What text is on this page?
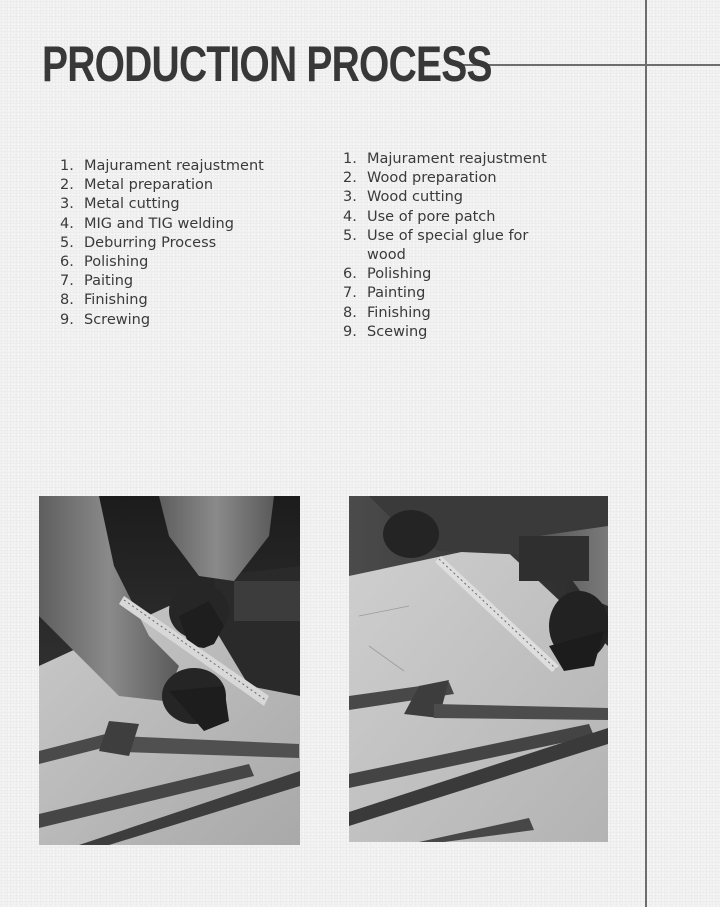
PRODUCTION PROCESS
1. Majurament reajustment
2. Metal preparation
3. Metal cutting
4. MIG and TIG welding
5. Deburring Process
6. Polishing
7. Paiting
8. Finishing
9. Screwing
1. Majurament reajustment
2. Wood preparation
3. Wood cutting
4. Use of pore patch
5. Use of special glue for wood
6. Polishing
7. Painting
8. Finishing
9. Scewing
